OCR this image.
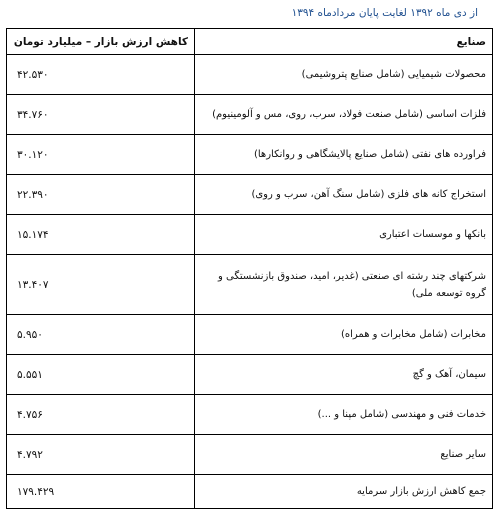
از دی ماه ۱۳۹۲ لغایت پایان مردادماه ۱۳۹۴
صنایع	کاهش ارزش بازار – میلیارد تومان
محصولات شیمیایی (شامل صنایع پتروشیمی)	۴۲.۵۳۰
فلزات اساسی (شامل صنعت فولاد، سرب، روی، مس و آلومینیوم)	۳۴.۷۶۰
فراورده های نفتی (شامل صنایع پالایشگاهی و روانکارها)	۳۰.۱۲۰
استخراج کانه های فلزی (شامل سنگ آهن، سرب و روی)	۲۲.۳۹۰
بانکها و موسسات اعتباری	۱۵.۱۷۴
شرکتهای چند رشته ای صنعتی (غدیر، امید، صندوق بازنشستگی و گروه توسعه ملی)	۱۳.۴۰۷
مخابرات (شامل مخابرات و همراه)	۵.۹۵۰
سیمان، آهک و گچ	۵.۵۵۱
خدمات فنی و مهندسی (شامل مپنا و ...)	۴.۷۵۶
سایر صنایع	۴.۷۹۲
جمع کاهش ارزش بازار سرمایه	۱۷۹.۴۲۹
